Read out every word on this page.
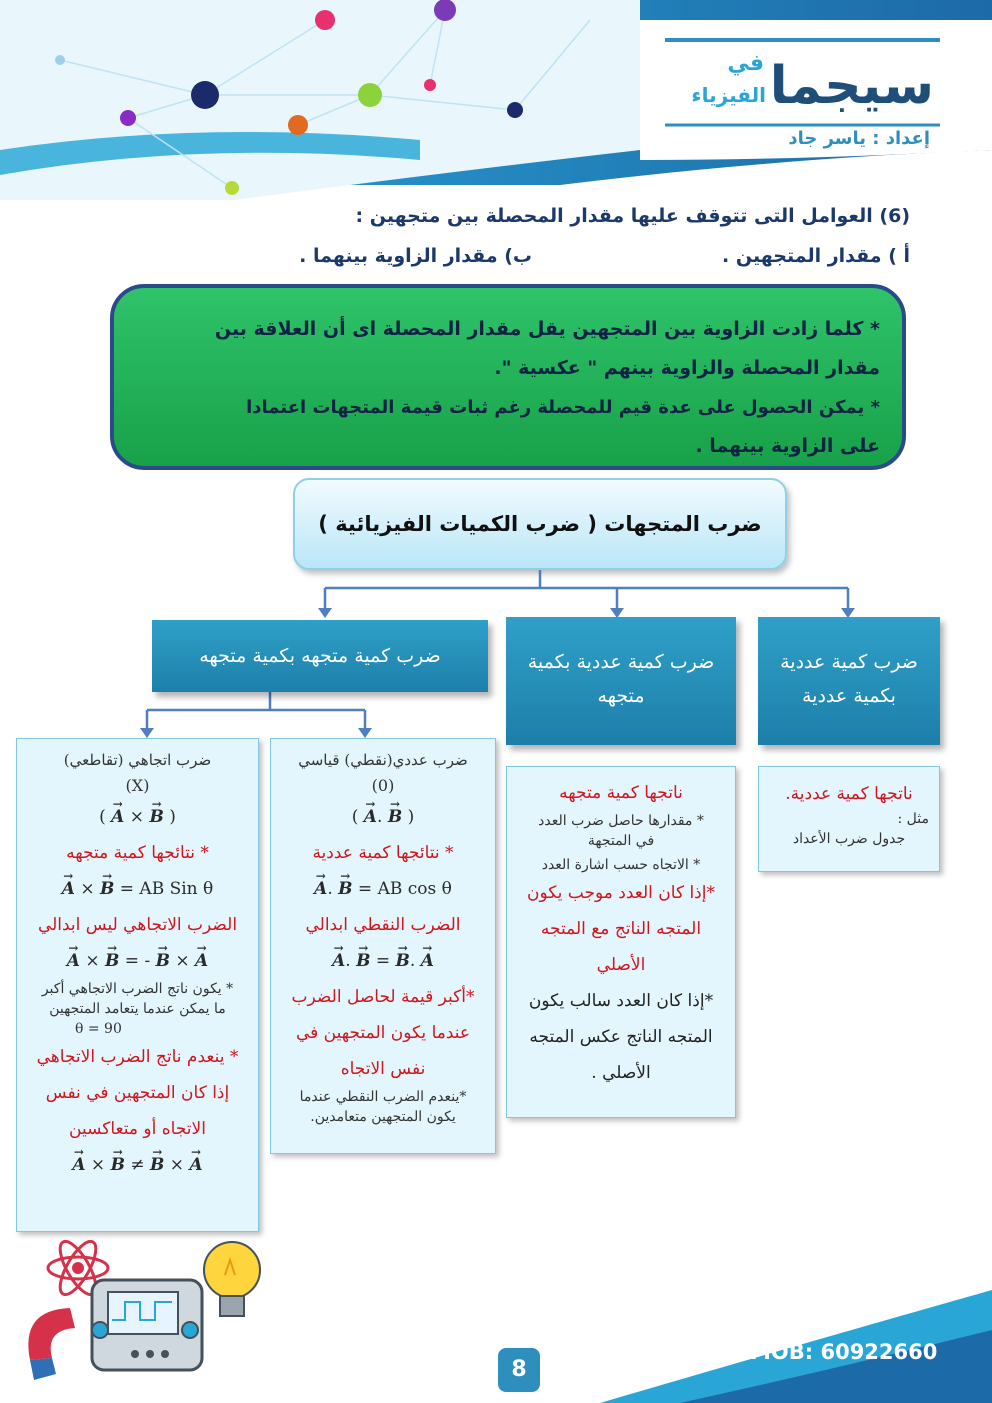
سيجما
في
الفيزياء
إعداد : ياسر جاد
(6) العوامل التى تتوقف عليها مقدار المحصلة بين متجهين :
أ ) مقدار المتجهين .
ب) مقدار الزاوية بينهما .

* كلما زادت الزاوية بين المتجهين يقل مقدار المحصلة اى أن العلاقة بين

مقدار المحصلة والزاوية بينهم " عكسية ".

* يمكن الحصول على عدة قيم للمحصلة رغم ثبات قيمة المتجهات اعتمادا

على الزاوية بينهما .

ضرب المتجهات ( ضرب الكميات الفيزيائية )
ضرب كمية متجهه بكمية متجهه	ضرب كمية عددية بكمية متجهه
ضرب كمية عددية بكمية عددية
ناتجها كمية عددية.
مثل :
جدول ضرب الأعداد
ناتجها كمية متجهه
* مقدارها حاصل ضرب العدد في المتجهة
* الاتجاه حسب اشارة العدد
*إذا كان العدد موجب يكون
المتجه الناتج مع المتجه
الأصلي
*إذا كان العدد سالب يكون
المتجه الناتج عكس المتجه
الأصلي .
ضرب عددي(نقطي) قياسي
(0)
( → A. → B )
* نتائجها كمية عددية
→ A. → B = AB cos θ
الضرب النقطي ابدالي
→ A. → B = → B. → A
*أكبر قيمة لحاصل الضرب
عندما يكون المتجهين في
نفس الاتجاه
*ينعدم الضرب النقطي عندما يكون المتجهين متعامدين.
ضرب اتجاهي (تقاطعي)
(X)
( → A × → B )
* نتائجها كمية متجهه
→ A × → B = AB Sin θ
الضرب الاتجاهي ليس ابدالي
→ A × → B = - → B × → A
* يكون ناتج الضرب الاتجاهي أكبر ما يمكن عندما يتعامد المتجهين
θ = 90
* ينعدم ناتج الضرب الاتجاهي
إذا كان المتجهين في نفس
الاتجاه أو متعاكسين
→ A × → B ≠ → B × → A
8
MOB: 60922660
